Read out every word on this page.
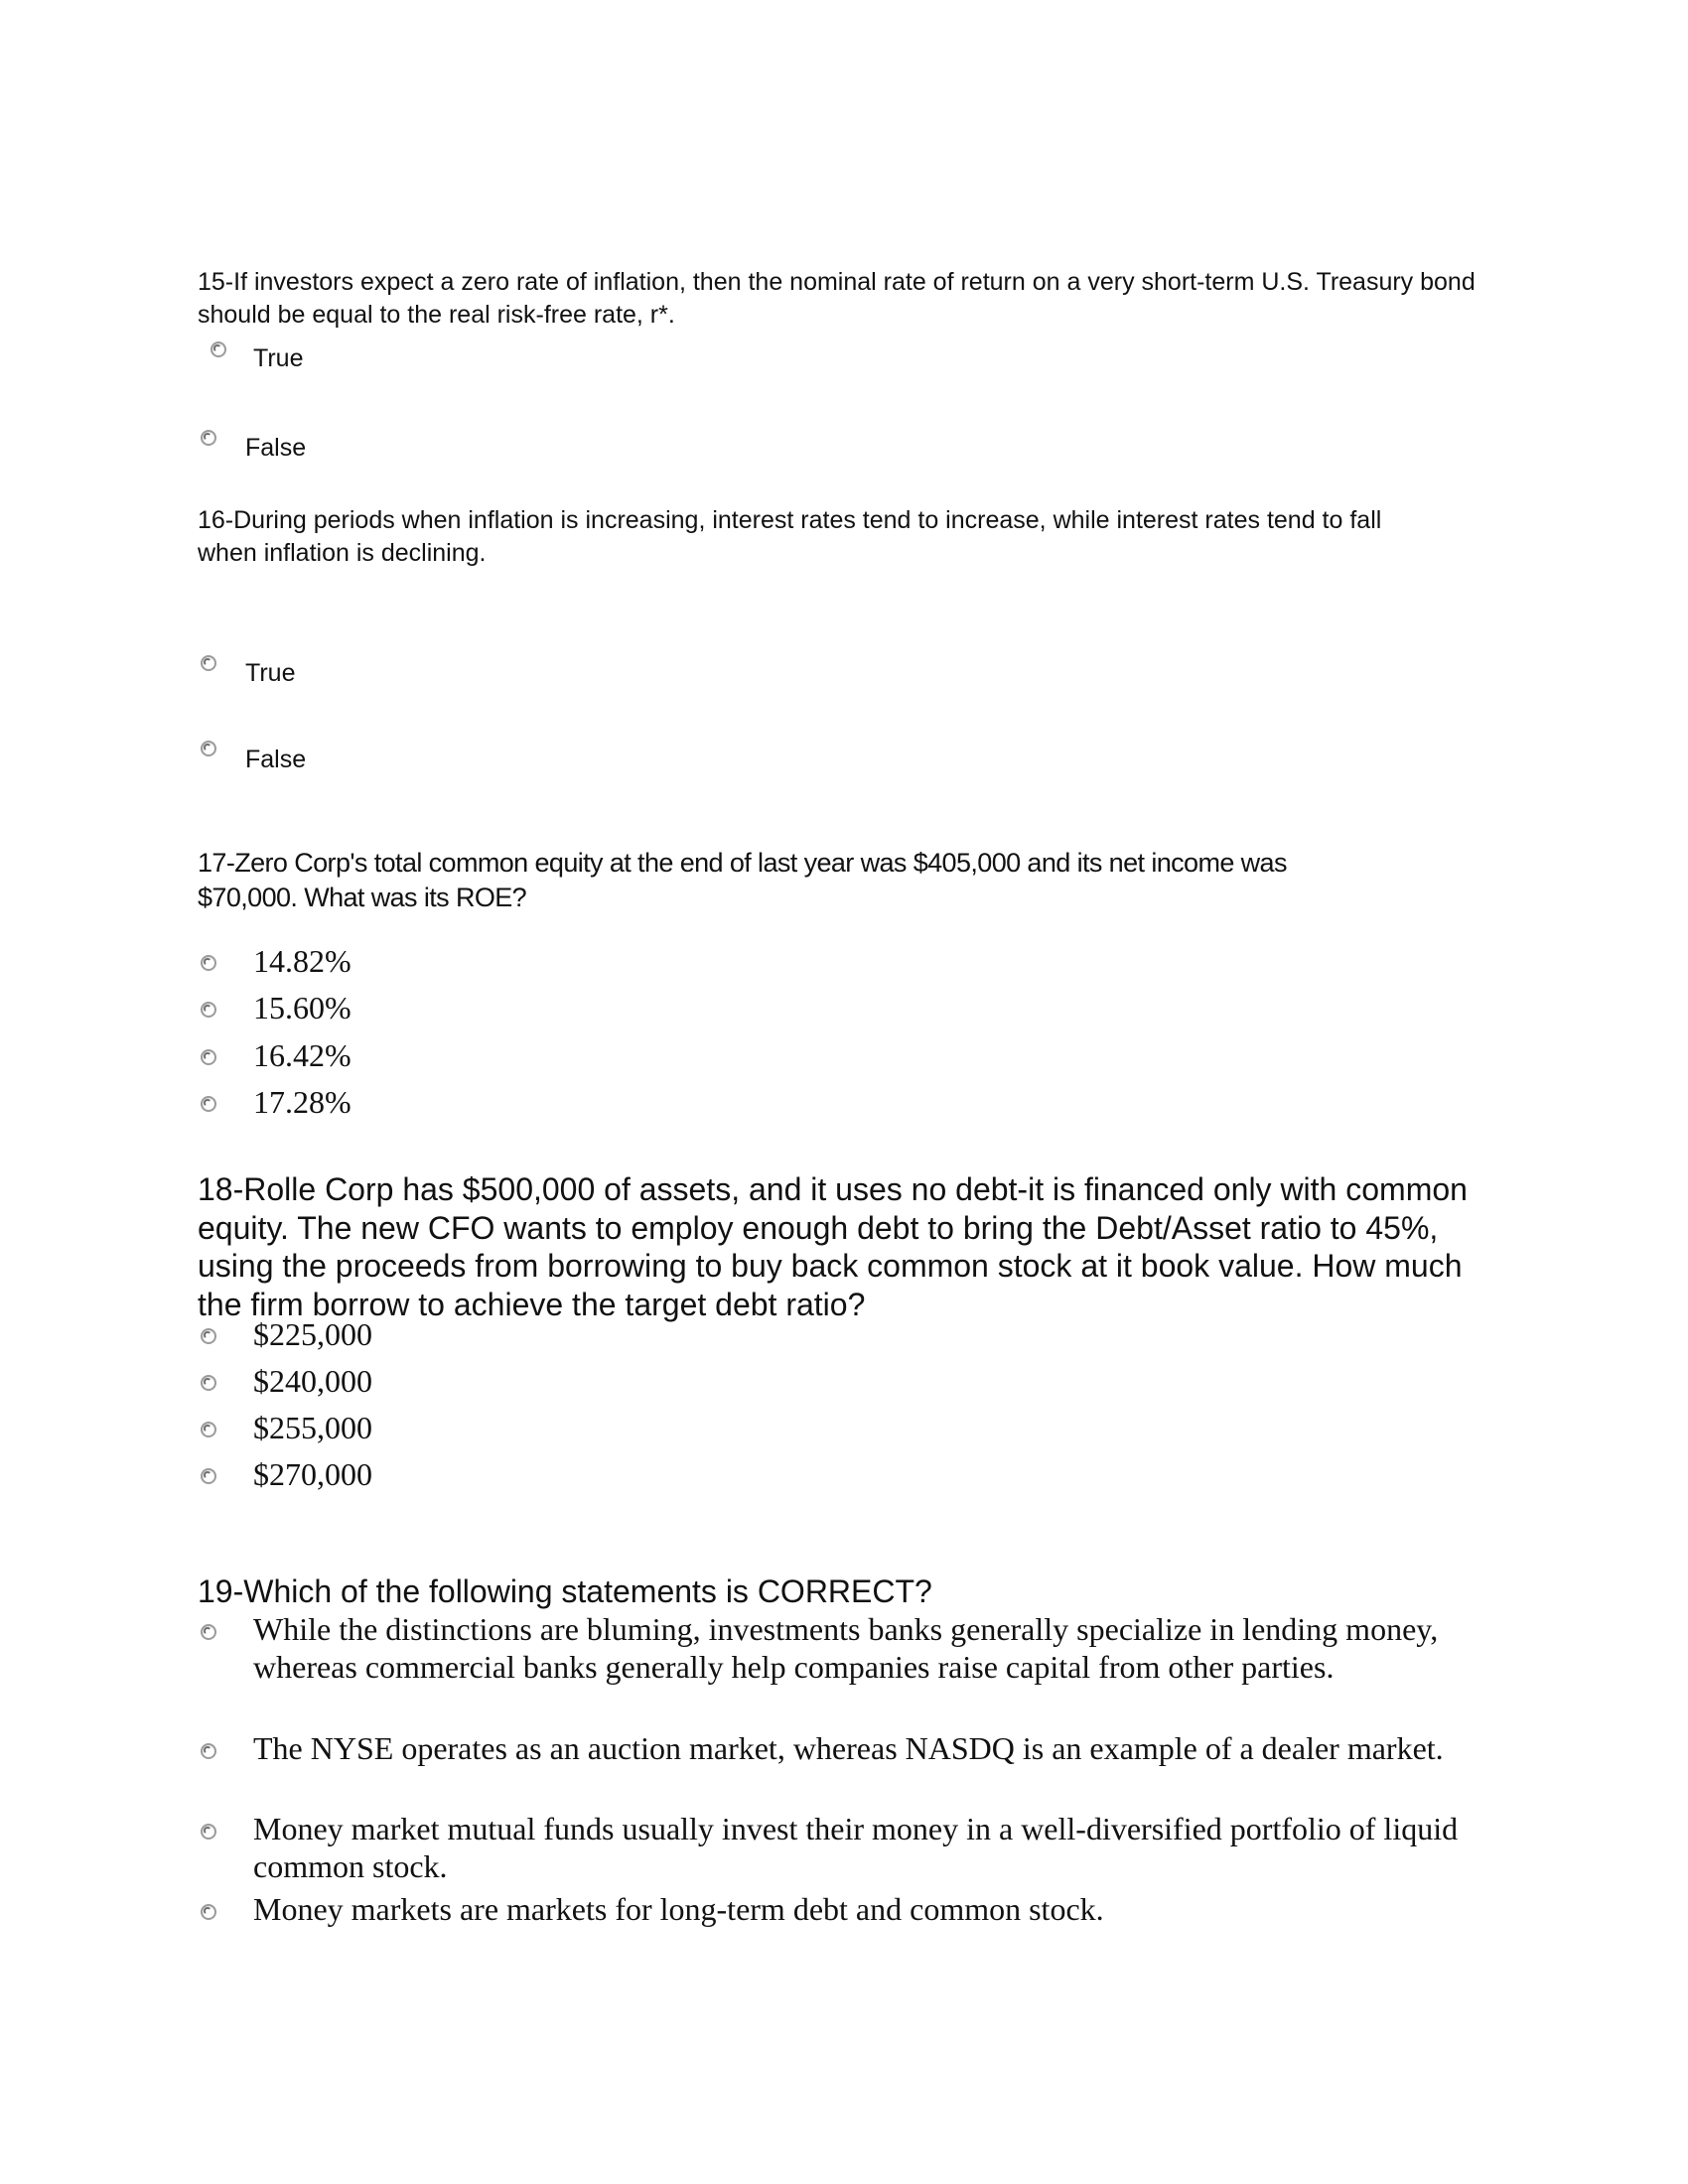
15-If investors expect a zero rate of inflation, then the nominal rate of return on a very short-term U.S. Treasury bond should be equal to the real risk-free rate, r*.

True
False

16-During periods when inflation is increasing, interest rates tend to increase, while interest rates tend to fall when inflation is declining.

True
False

17-Zero Corp's total common equity at the end of last year was $405,000 and its net income was $70,000. What was its ROE?

14.82%
15.60%
16.42%
17.28%

18-Rolle Corp has $500,000 of assets, and it uses no debt-it is financed only with common equity. The new CFO wants to employ enough debt to bring the Debt/Asset ratio to 45%, using the proceeds from borrowing to buy back common stock at it book value. How much the firm borrow to achieve the target debt ratio?

$225,000
$240,000
$255,000
$270,000

19-Which of the following statements is CORRECT?

While the distinctions are bluming, investments banks generally specialize in lending money, whereas commercial banks generally help companies raise capital from other parties.
The NYSE operates as an auction market, whereas NASDQ is an example of a dealer market.
Money market mutual funds usually invest their money in a well-diversified portfolio of liquid common stock.
Money markets are markets for long-term debt and common stock.
